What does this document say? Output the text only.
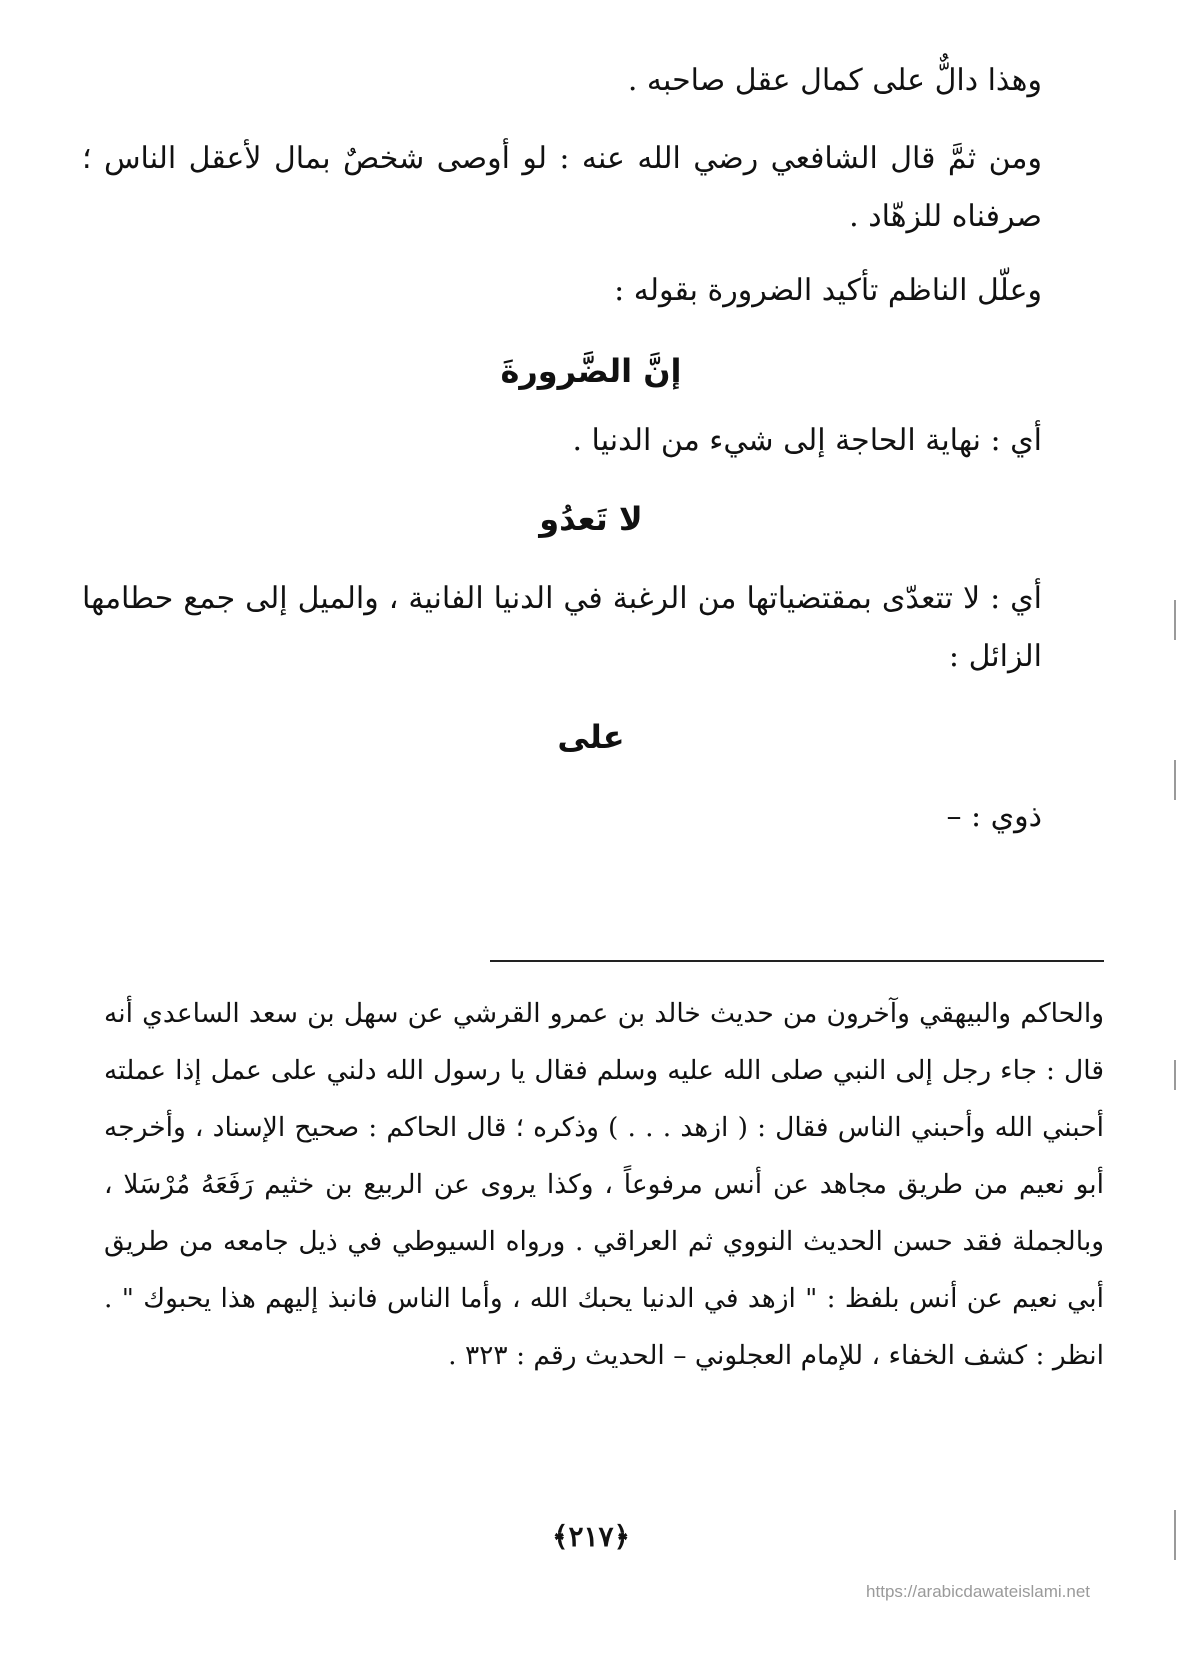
وهذا دالٌّ على كمال عقل صاحبه .
ومن ثمَّ قال الشافعي رضي الله عنه : لو أوصى شخصٌ بمال لأعقل الناس ؛ صرفناه للزهّاد .
وعلّل الناظم تأكيد الضرورة بقوله :
إنَّ الضَّرورةَ
أي : نهاية الحاجة إلى شيء من الدنيا .
لا تَعدُو
أي : لا تتعدّى بمقتضياتها من الرغبة في الدنيا الفانية ، والميل إلى جمع حطامها الزائل :
على
ذوي : –
والحاكم والبيهقي وآخرون من حديث خالد بن عمرو القرشي عن سهل بن سعد الساعدي أنه قال : جاء رجل إلى النبي صلى الله عليه وسلم فقال يا رسول الله دلني على عمل إذا عملته أحبني الله وأحبني الناس فقال : ( ازهد . . . ) وذكره ؛ قال الحاكم : صحيح الإسناد ، وأخرجه أبو نعيم من طريق مجاهد عن أنس مرفوعاً ، وكذا يروى عن الربيع بن خثيم رَفَعَهُ مُرْسَلا ، وبالجملة فقد حسن الحديث النووي ثم العراقي . ورواه السيوطي في ذيل جامعه من طريق أبي نعيم عن أنس بلفظ : " ازهد في الدنيا يحبك الله ، وأما الناس فانبذ إليهم هذا يحبوك " . انظر : كشف الخفاء ، للإمام العجلوني – الحديث رقم : ٣٢٣ .
﴿٢١٧﴾
https://arabicdawateislami.net
